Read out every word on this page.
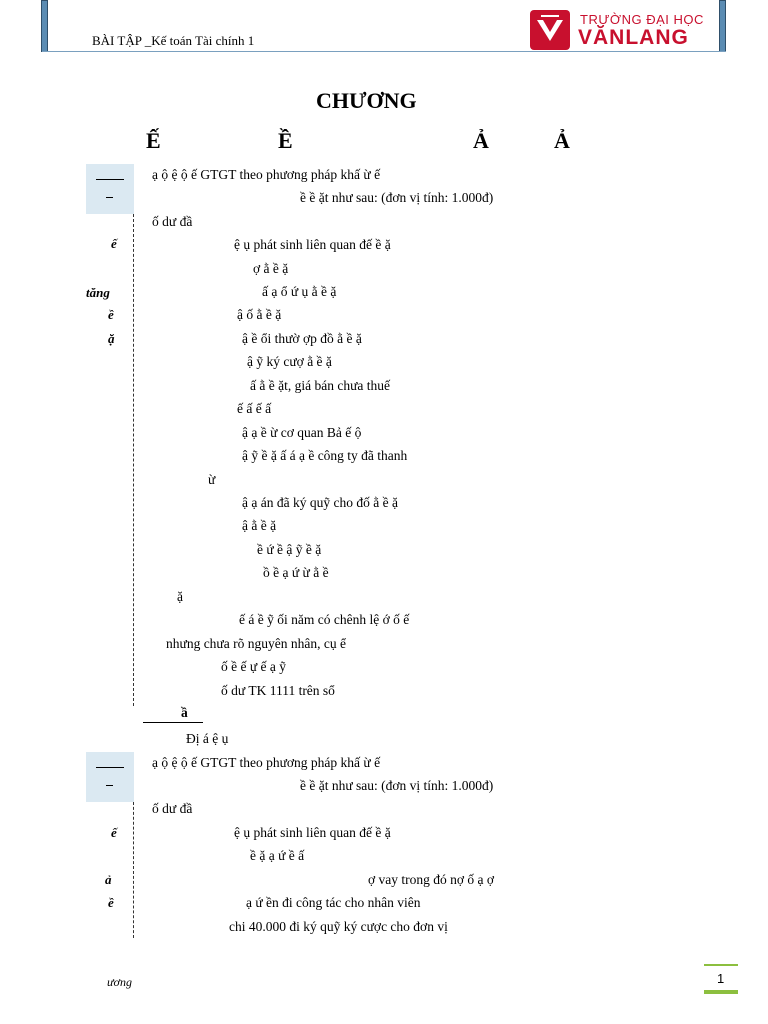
BÀI TẬP _Kế toán Tài chính 1
TRƯỜNG ĐẠI HỌC
VĂNLANG
CHƯƠNG
Ế	Ề	Ả	Ả
ế
tăng
ề
ặ
ạ ộ ệ ộ ế GTGT theo phương pháp khấ ừ ế
ề ề ặt như sau: (đơn vị tính: 1.000đ)
ố dư đầ
ệ ụ phát sinh liên quan đế ề ặ
ợ ằ ề ặ
ấ ạ ổ ứ ụ ằ ề ặ
ậ ố ằ ề ặ
ậ ề ổi thườ ợp đồ ằ ề ặ
ậ ỹ ký cượ ằ ề ặ
ấ ằ ề ặt, giá bán chưa thuế
ế ấ ế ấ
ậ ạ ề ừ cơ quan Bả ế ộ
ậ ỹ ề ặ ấ á ạ ề công ty đã thanh
ừ
ậ ạ án đã ký quỹ cho đố ằ ề ặ
ậ ằ ề ặ
ề ứ ề ậ ỹ ề ặ
ồ ề ạ ứ ừ ằ ề
ặ
ế á ề ỹ ối năm có chênh lệ ớ ố ế
nhưng chưa rõ nguyên nhân, cụ ể
ố ề ế ự ế ạ ỹ
ố dư TK 1111 trên sổ
ầ
Đị á ệ ụ
ế
ả
ề
ạ ộ ệ ộ ế GTGT theo phương pháp khấ ừ ế
ề ề ặt như sau: (đơn vị tính: 1.000đ)
ố dư đầ
ệ ụ phát sinh liên quan đế ề ặ
ề ặ ạ ứ ề ấ
ợ vay trong đó nợ ố ạ ợ
ạ ứ ền đi công tác cho nhân viên
chi 40.000 đi ký quỹ ký cược cho đơn vị
ương	1
